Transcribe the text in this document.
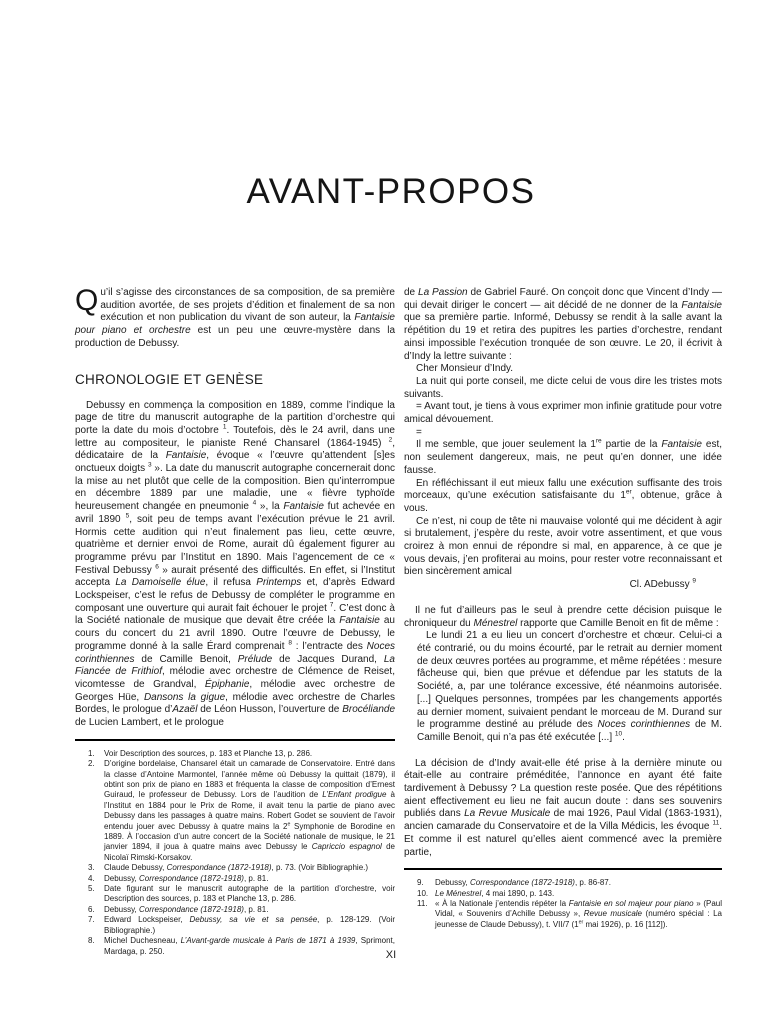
AVANT-PROPOS

Qu’il s’agisse des circonstances de sa composition, de sa première audition avortée, de ses projets d’édition et finalement de sa non exécution et non publication du vivant de son auteur, la Fantaisie pour piano et orchestre est un peu une œuvre-mystère dans la production de Debussy.

CHRONOLOGIE ET GENÈSE

Debussy en commença la composition en 1889, comme l’indique la page de titre du manuscrit autographe de la partition d’orchestre qui porte la date du mois d’octobre $^1$. Toutefois, dès le 24 avril, dans une lettre au compositeur, le pianiste René Chansarel (1864-1945) $^2$, dédicataire de la Fantaisie, évoque « l’œuvre qu’attendent [s]es onctueux doigts $^3$ ». La date du manuscrit autographe concernerait donc la mise au net plutôt que celle de la composition. Bien qu’interrompue en décembre 1889 par une maladie, une « fièvre typhoïde heureusement changée en pneumonie $^4$ », la Fantaisie fut achevée en avril 1890 $^5$, soit peu de temps avant l’exécution prévue le 21 avril. Hormis cette audition qui n’eut finalement pas lieu, cette œuvre, quatrième et dernier envoi de Rome, aurait dû également figurer au programme prévu par l’Institut en 1890. Mais l’agencement de ce « Festival Debussy $^6$ » aurait présenté des difficultés. En effet, si l’Institut accepta La Damoiselle élue, il refusa Printemps et, d’après Edward Lockspeiser, c’est le refus de Debussy de compléter le programme en composant une ouverture qui aurait fait échouer le projet $^7$. C’est donc à la Société nationale de musique que devait être créée la Fantaisie au cours du concert du 21 avril 1890. Outre l’œuvre de Debussy, le programme donné à la salle Érard comprenait $^8$ : l’entracte des Noces corinthiennes de Camille Benoit, Prélude de Jacques Durand, La Fiancée de Frithiof, mélodie avec orchestre de Clémence de Reiset, vicomtesse de Grandval, Épiphanie, mélodie avec orchestre de Georges Hüe, Dansons la gigue, mélodie avec orchestre de Charles Bordes, le prologue d’Azaël de Léon Husson, l’ouverture de Brocéliande de Lucien Lambert, et le prologue

1.	Voir Description des sources, p. 183 et Planche 13, p. 286.
2.	D’origine bordelaise, Chansarel était un camarade de Conservatoire. Entré dans la classe d’Antoine Marmontel, l’année même où Debussy la quittait (1879), il obtint son prix de piano en 1883 et fréquenta la classe de composition d’Ernest Guiraud, le professeur de Debussy. Lors de l’audition de L’Enfant prodigue à l’Institut en 1884 pour le Prix de Rome, il avait tenu la partie de piano avec Debussy dans les passages à quatre mains. Robert Godet se souvient de l’avoir entendu jouer avec Debussy à quatre mains la 2e Symphonie de Borodine en 1889. À l’occasion d’un autre concert de la Société nationale de musique, le 21 janvier 1894, il joua à quatre mains avec Debussy le Capriccio espagnol de Nicolaï Rimski-Korsakov.
3.	Claude Debussy, Correspondance (1872-1918), p. 73. (Voir Bibliographie.)
4.	Debussy, Correspondance (1872-1918), p. 81.
5.	Date figurant sur le manuscrit autographe de la partition d’orchestre, voir Description des sources, p. 183 et Planche 13, p. 286.
6.	Debussy, Correspondance (1872-1918), p. 81.
7.	Edward Lockspeiser, Debussy, sa vie et sa pensée, p. 128-129. (Voir Bibliographie.)
8.	Michel Duchesneau, L’Avant-garde musicale à Paris de 1871 à 1939, Sprimont, Mardaga, p. 250.

de La Passion de Gabriel Fauré. On conçoit donc que Vincent d’Indy — qui devait diriger le concert — ait décidé de ne donner de la Fantaisie que sa première partie. Informé, Debussy se rendit à la salle avant la répétition du 19 et retira des pupitres les parties d’orchestre, rendant ainsi impossible l’exécution tronquée de son œuvre. Le 20, il écrivit à d’Indy la lettre suivante :

Cher Monsieur d’Indy.

La nuit qui porte conseil, me dicte celui de vous dire les tristes mots suivants.

= Avant tout, je tiens à vous exprimer mon infinie gratitude pour votre amical dévouement.

=

Il me semble, que jouer seulement la 1re partie de la Fantaisie est, non seulement dangereux, mais, ne peut qu’en donner, une idée fausse.

En réfléchissant il eut mieux fallu une exécution suffisante des trois morceaux, qu’une exécution satisfaisante du 1er, obtenue, grâce à vous.

Ce n’est, ni coup de tête ni mauvaise volonté qui me décident à agir si brutalement, j’espère du reste, avoir votre assentiment, et que vous croirez à mon ennui de répondre si mal, en apparence, à ce que je vous devais, j’en profiterai au moins, pour rester votre reconnaissant et bien sincèrement amical

Cl. ADebussy $^9$

Il ne fut d’ailleurs pas le seul à prendre cette décision puisque le chroniqueur du Ménestrel rapporte que Camille Benoit en fit de même :

Le lundi 21 a eu lieu un concert d’orchestre et chœur. Celui-ci a été contrarié, ou du moins écourté, par le retrait au dernier moment de deux œuvres portées au programme, et même répétées : mesure fâcheuse qui, bien que prévue et défendue par les statuts de la Société, a, par une tolérance excessive, été néanmoins autorisée. [...] Quelques personnes, trompées par les changements apportés au dernier moment, suivaient pendant le morceau de M. Durand sur le programme destiné au prélude des Noces corinthiennes de M. Camille Benoit, qui n’a pas été exécutée [...] $^{10}$.

La décision de d’Indy avait-elle été prise à la dernière minute ou était-elle au contraire préméditée, l’annonce en ayant été faite tardivement à Debussy ? La question reste posée. Que des répétitions aient effectivement eu lieu ne fait aucun doute : dans ses souvenirs publiés dans La Revue Musicale de mai 1926, Paul Vidal (1863-1931), ancien camarade du Conservatoire et de la Villa Médicis, les évoque $^{11}$. Et comme il est naturel qu’elles aient commencé avec la première partie,

9.	Debussy, Correspondance (1872-1918), p. 86-87.
10. Le Ménestrel, 4 mai 1890, p. 143.
11. « À la Nationale j’entendis répéter la Fantaisie en sol majeur pour piano » (Paul Vidal, « Souvenirs d’Achille Debussy », Revue musicale (numéro spécial : La jeunesse de Claude Debussy), t. VII/7 (1er mai 1926), p. 16 [112]).
XI
